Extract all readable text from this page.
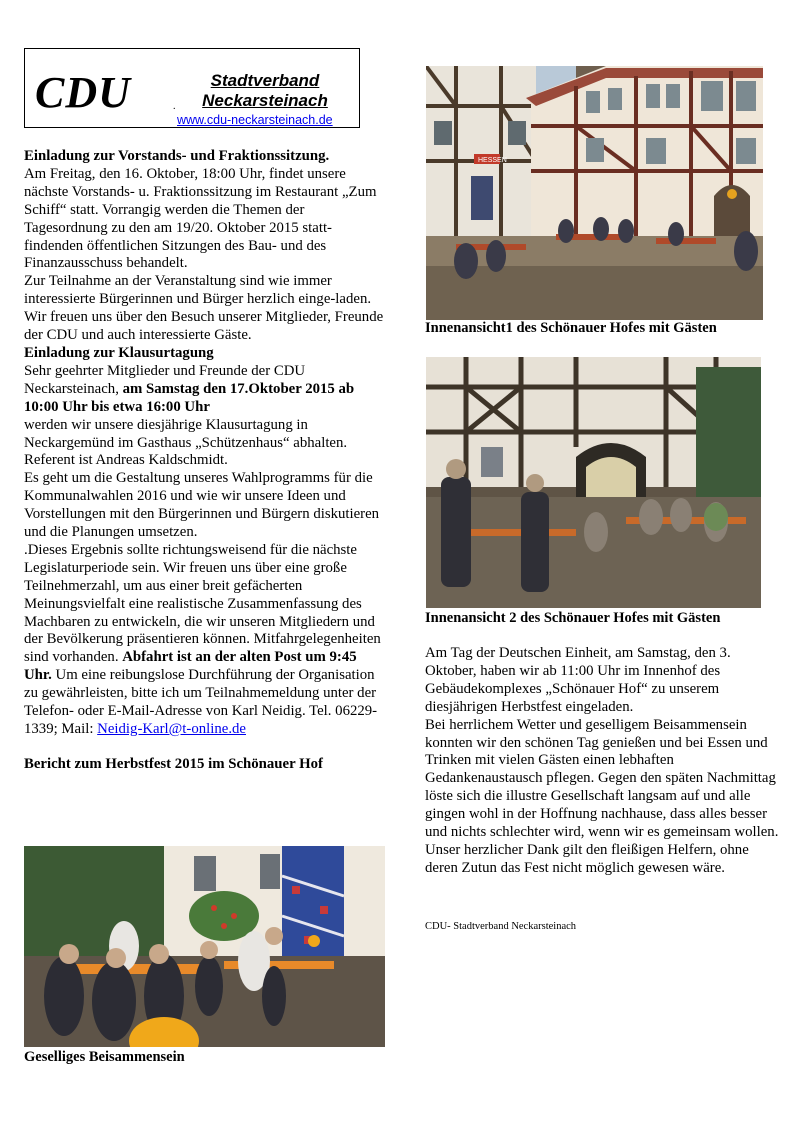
CDU	Stadtverband
Neckarsteinach
.
www.cdu-neckarsteinach.de

Einladung zur Vorstands- und Fraktionssitzung.

Am Freitag, den 16. Oktober, 18:00 Uhr, findet unsere nächste Vorstands- u. Fraktionssitzung im Restaurant „Zum Schiff“ statt. Vorrangig werden die Themen der Tagesordnung zu den am 19/20. Oktober 2015 statt-findenden öffentlichen Sitzungen des Bau- und des Finanzausschuss behandelt.

Zur Teilnahme an der Veranstaltung sind wie immer interessierte Bürgerinnen und Bürger herzlich einge-laden. Wir freuen uns über den Besuch unserer Mitglieder, Freunde der CDU und auch interessierte Gäste.

Einladung zur Klausurtagung

Sehr geehrter Mitglieder und Freunde der CDU Neckarsteinach, am Samstag den 17.Oktober 2015 ab 10:00 Uhr bis etwa 16:00 Uhr

werden wir unsere diesjährige Klausurtagung in Neckargemünd im Gasthaus „Schützenhaus“ abhalten. Referent ist Andreas Kaldschmidt.

Es geht um die Gestaltung unseres Wahlprogramms für die Kommunalwahlen 2016 und wie wir unsere Ideen und Vorstellungen mit den Bürgerinnen und Bürgern diskutieren und die Planungen umsetzen.

.Dieses Ergebnis sollte richtungsweisend für die nächste Legislaturperiode sein. Wir freuen uns über eine große Teilnehmerzahl, um aus einer breit gefächerten Meinungsvielfalt eine realistische Zusammenfassung des Machbaren zu entwickeln, die wir unseren Mitgliedern und der Bevölkerung präsentieren können. Mitfahrgelegenheiten sind vorhanden. Abfahrt ist an der alten Post um 9:45 Uhr. Um eine reibungslose Durchführung der Organisation zu gewährleisten, bitte ich um Teilnahmemeldung unter der Telefon- oder E-Mail-Adresse von Karl Neidig. Tel. 06229-1339; Mail: Neidig-Karl@t-online.de

Bericht zum Herbstfest 2015 im Schönauer Hof

HESSEN
Innenansicht1 des Schönauer Hofes mit Gästen
Innenansicht 2 des Schönauer Hofes mit Gästen

Am Tag der Deutschen Einheit, am Samstag, den 3. Oktober, haben wir ab 11:00 Uhr im Innenhof des Gebäudekomplexes „Schönauer Hof“ zu unserem diesjährigen Herbstfest eingeladen.

Bei herrlichem Wetter und geselligem Beisammensein konnten wir den schönen Tag genießen und bei Essen und Trinken mit vielen Gästen einen lebhaften Gedankenaustausch pflegen. Gegen den späten Nachmittag löste sich die illustre Gesellschaft langsam auf und alle gingen wohl in der Hoffnung nachhause, dass alles besser und nichts schlechter wird, wenn wir es gemeinsam wollen.

Unser herzlicher Dank gilt den fleißigen Helfern, ohne deren Zutun das Fest nicht möglich gewesen wäre.

CDU- Stadtverband Neckarsteinach
Geselliges Beisammensein
